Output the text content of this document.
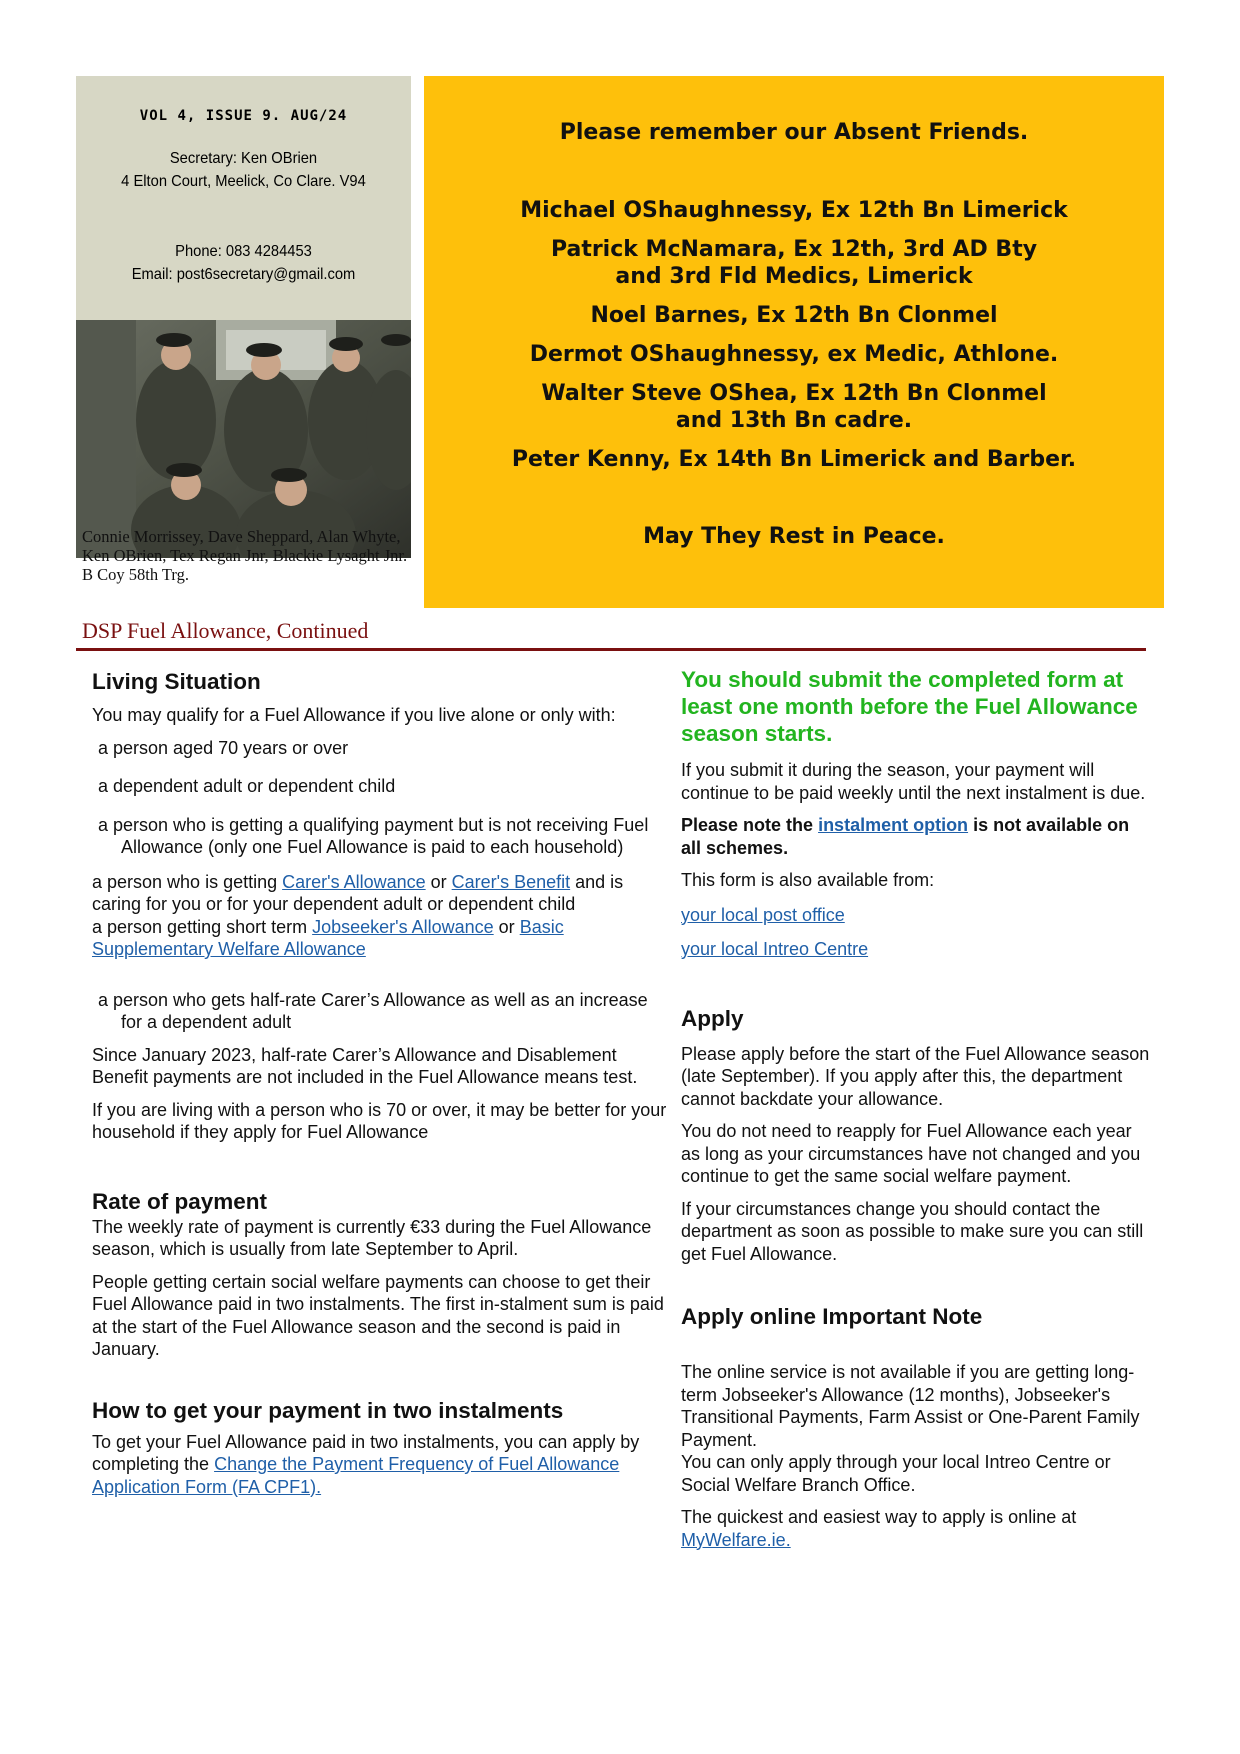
VOL 4, ISSUE 9. AUG/24
Secretary: Ken OBrien
4 Elton Court, Meelick, Co Clare. V94
Phone: 083 4284453
Email: post6secretary@gmail.com
Connie Morrissey, Dave Sheppard, Alan Whyte, Ken OBrien, Tex Regan Jnr, Blackie Lysaght Jnr. B Coy 58th Trg.
Please remember our Absent Friends.
Michael OShaughnessy, Ex 12th Bn Limerick
Patrick McNamara, Ex 12th, 3rd AD Bty
and 3rd Fld Medics, Limerick
Noel Barnes, Ex 12th Bn Clonmel
Dermot OShaughnessy, ex Medic, Athlone.
Walter Steve OShea, Ex 12th Bn Clonmel
and 13th Bn cadre.
Peter Kenny, Ex 14th Bn Limerick and Barber.
May They Rest in Peace.
DSP Fuel Allowance, Continued

Living Situation

You may qualify for a Fuel Allowance if you live alone or only with:

a person aged 70 years or over

a dependent adult or dependent child

a person who is getting a qualifying payment but is not receiving Fuel Allowance (only one Fuel Allowance is paid to each household)

a person who is getting Carer's Allowance or Carer's Benefit and is caring for you or for your dependent adult or dependent child

a person getting short term Jobseeker's Allowance or Basic Supplementary Welfare Allowance

a person who gets half-rate Carer’s Allowance as well as an increase for a dependent adult

Since January 2023, half-rate Carer’s Allowance and Disablement Benefit payments are not included in the Fuel Allowance means test.

If you are living with a person who is 70 or over, it may be better for your household if they apply for Fuel Allowance

Rate of payment

The weekly rate of payment is currently €33 during the Fuel Allowance season, which is usually from late September to April.

People getting certain social welfare payments can choose to get their Fuel Allowance paid in two instalments. The first in-stalment sum is paid at the start of the Fuel Allowance season and the second is paid in January.

How to get your payment in two instalments

To get your Fuel Allowance paid in two instalments, you can apply by completing the Change the Payment Frequency of Fuel Allowance Application Form (FA CPF1).

You should submit the completed form at least one month before the Fuel Allowance season starts.

If you submit it during the season, your payment will continue to be paid weekly until the next instalment is due.

Please note the instalment option is not available on all schemes.

This form is also available from:

your local post office

your local Intreo Centre

Apply

Please apply before the start of the Fuel Allowance season (late September). If you apply after this, the department cannot backdate your allowance.

You do not need to reapply for Fuel Allowance each year as long as your circumstances have not changed and you continue to get the same social welfare payment.

If your circumstances change you should contact the department as soon as possible to make sure you can still get Fuel Allowance.

Apply online Important Note

The online service is not available if you are getting long-term Jobseeker's Allowance (12 months), Jobseeker's Transitional Payments, Farm Assist or One-Parent Family Payment.

You can only apply through your local Intreo Centre or Social Welfare Branch Office.

The quickest and easiest way to apply is online at MyWelfare.ie.
